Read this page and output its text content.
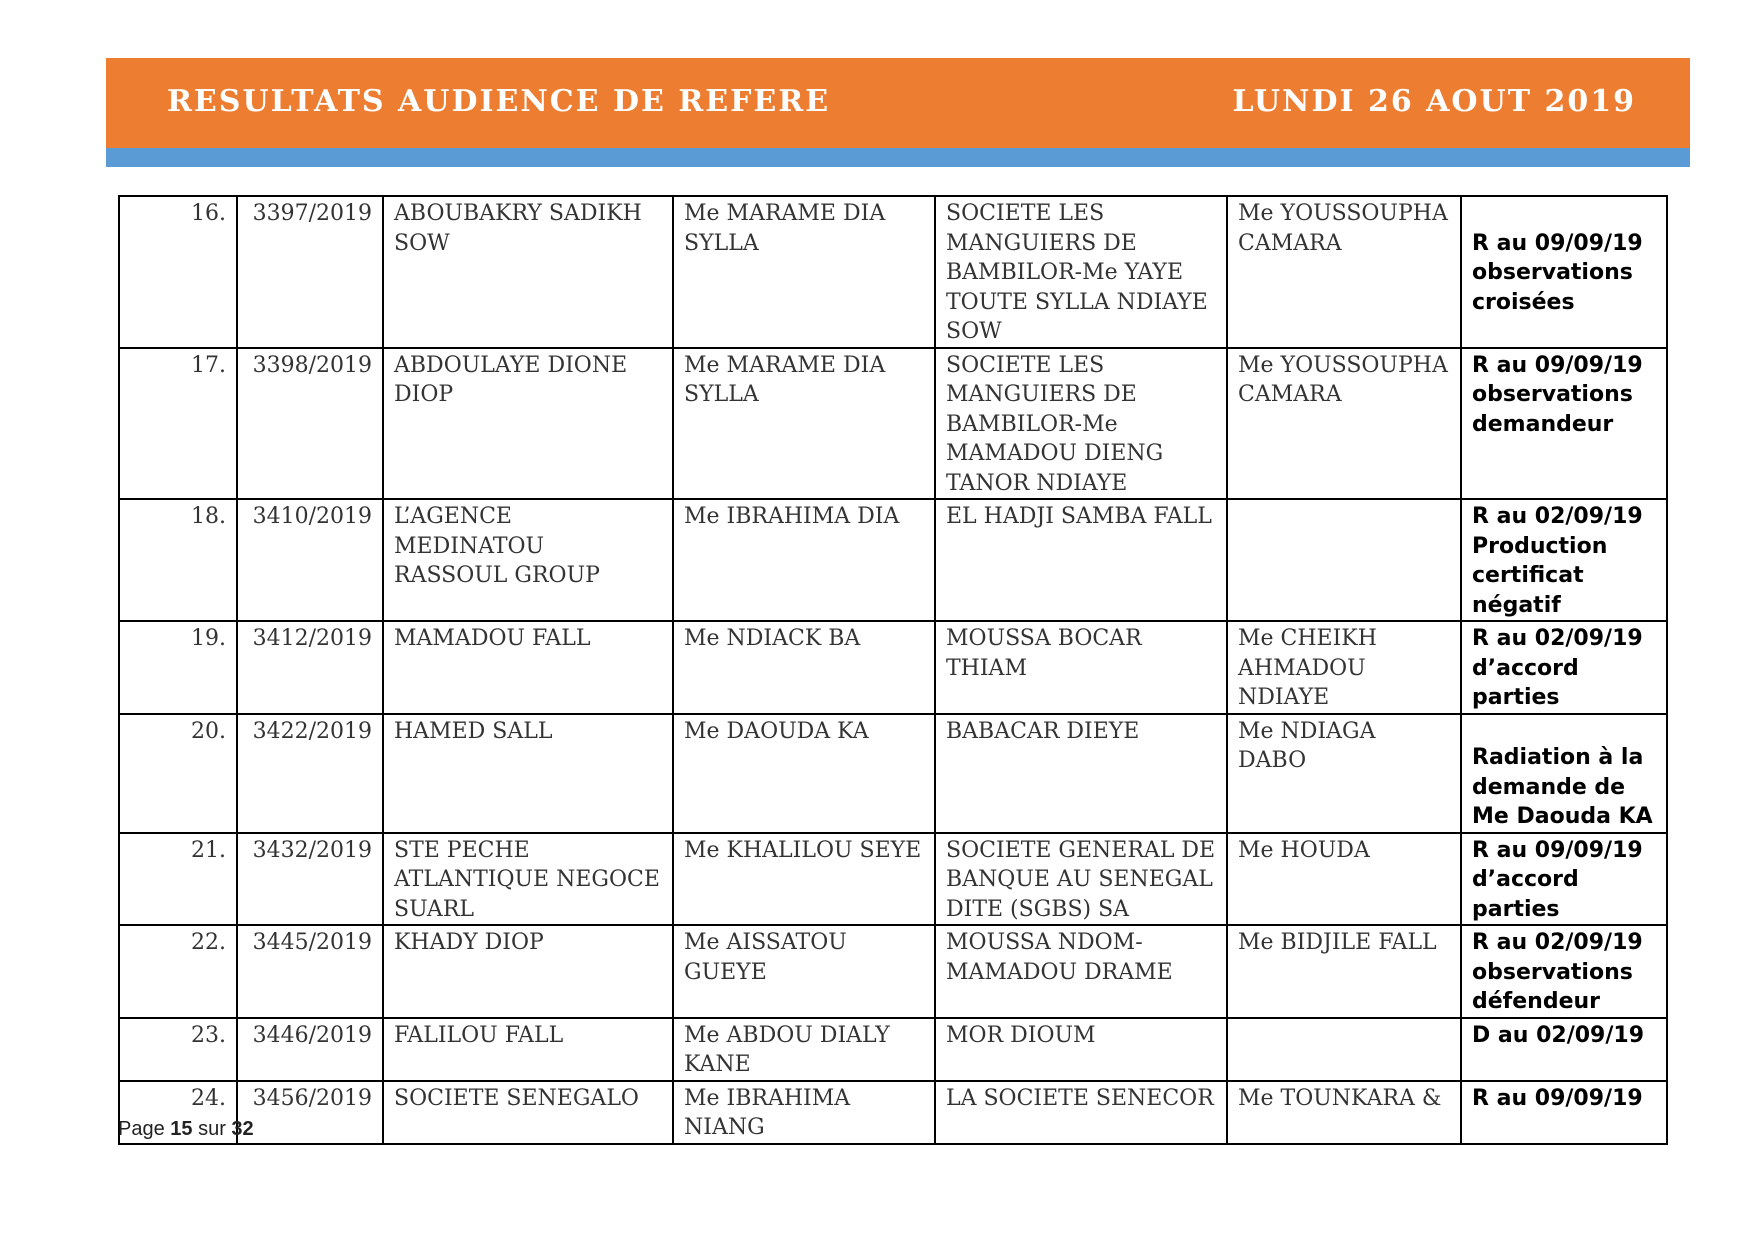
RESULTATS AUDIENCE DE REFERE	LUNDI 26 AOUT 2019
16.	3397/2019	ABOUBAKRY SADIKH SOW	Me MARAME DIA SYLLA	SOCIETE LES MANGUIERS DE BAMBILOR-Me YAYE TOUTE SYLLA NDIAYE SOW	Me YOUSSOUPHA CAMARA	R au 09/09/19 observations croisées
17.	3398/2019	ABDOULAYE DIONE DIOP	Me MARAME DIA SYLLA	SOCIETE LES MANGUIERS DE BAMBILOR-Me MAMADOU DIENG TANOR NDIAYE	Me YOUSSOUPHA CAMARA	R au 09/09/19 observations demandeur
18.	3410/2019	L’AGENCE MEDINATOU RASSOUL GROUP	Me IBRAHIMA DIA	EL HADJI SAMBA FALL		R au 02/09/19 Production certificat négatif
19.	3412/2019	MAMADOU FALL	Me NDIACK BA	MOUSSA BOCAR THIAM	Me CHEIKH AHMADOU NDIAYE	R au 02/09/19 d’accord parties
20.	3422/2019	HAMED SALL	Me DAOUDA KA	BABACAR DIEYE	Me NDIAGA DABO	Radiation à la demande de Me Daouda KA
21.	3432/2019	STE PECHE ATLANTIQUE NEGOCE SUARL	Me KHALILOU SEYE	SOCIETE GENERAL DE BANQUE AU SENEGAL DITE (SGBS) SA	Me HOUDA	R au 09/09/19 d’accord parties
22.	3445/2019	KHADY DIOP	Me AISSATOU GUEYE	MOUSSA NDOM-MAMADOU DRAME	Me BIDJILE FALL	R au 02/09/19 observations défendeur
23.	3446/2019	FALILOU FALL	Me ABDOU DIALY KANE	MOR DIOUM		D au 02/09/19
24.	3456/2019	SOCIETE SENEGALO	Me IBRAHIMA NIANG	LA SOCIETE SENECOR	Me TOUNKARA &	R au 09/09/19
Page 15 sur 32
